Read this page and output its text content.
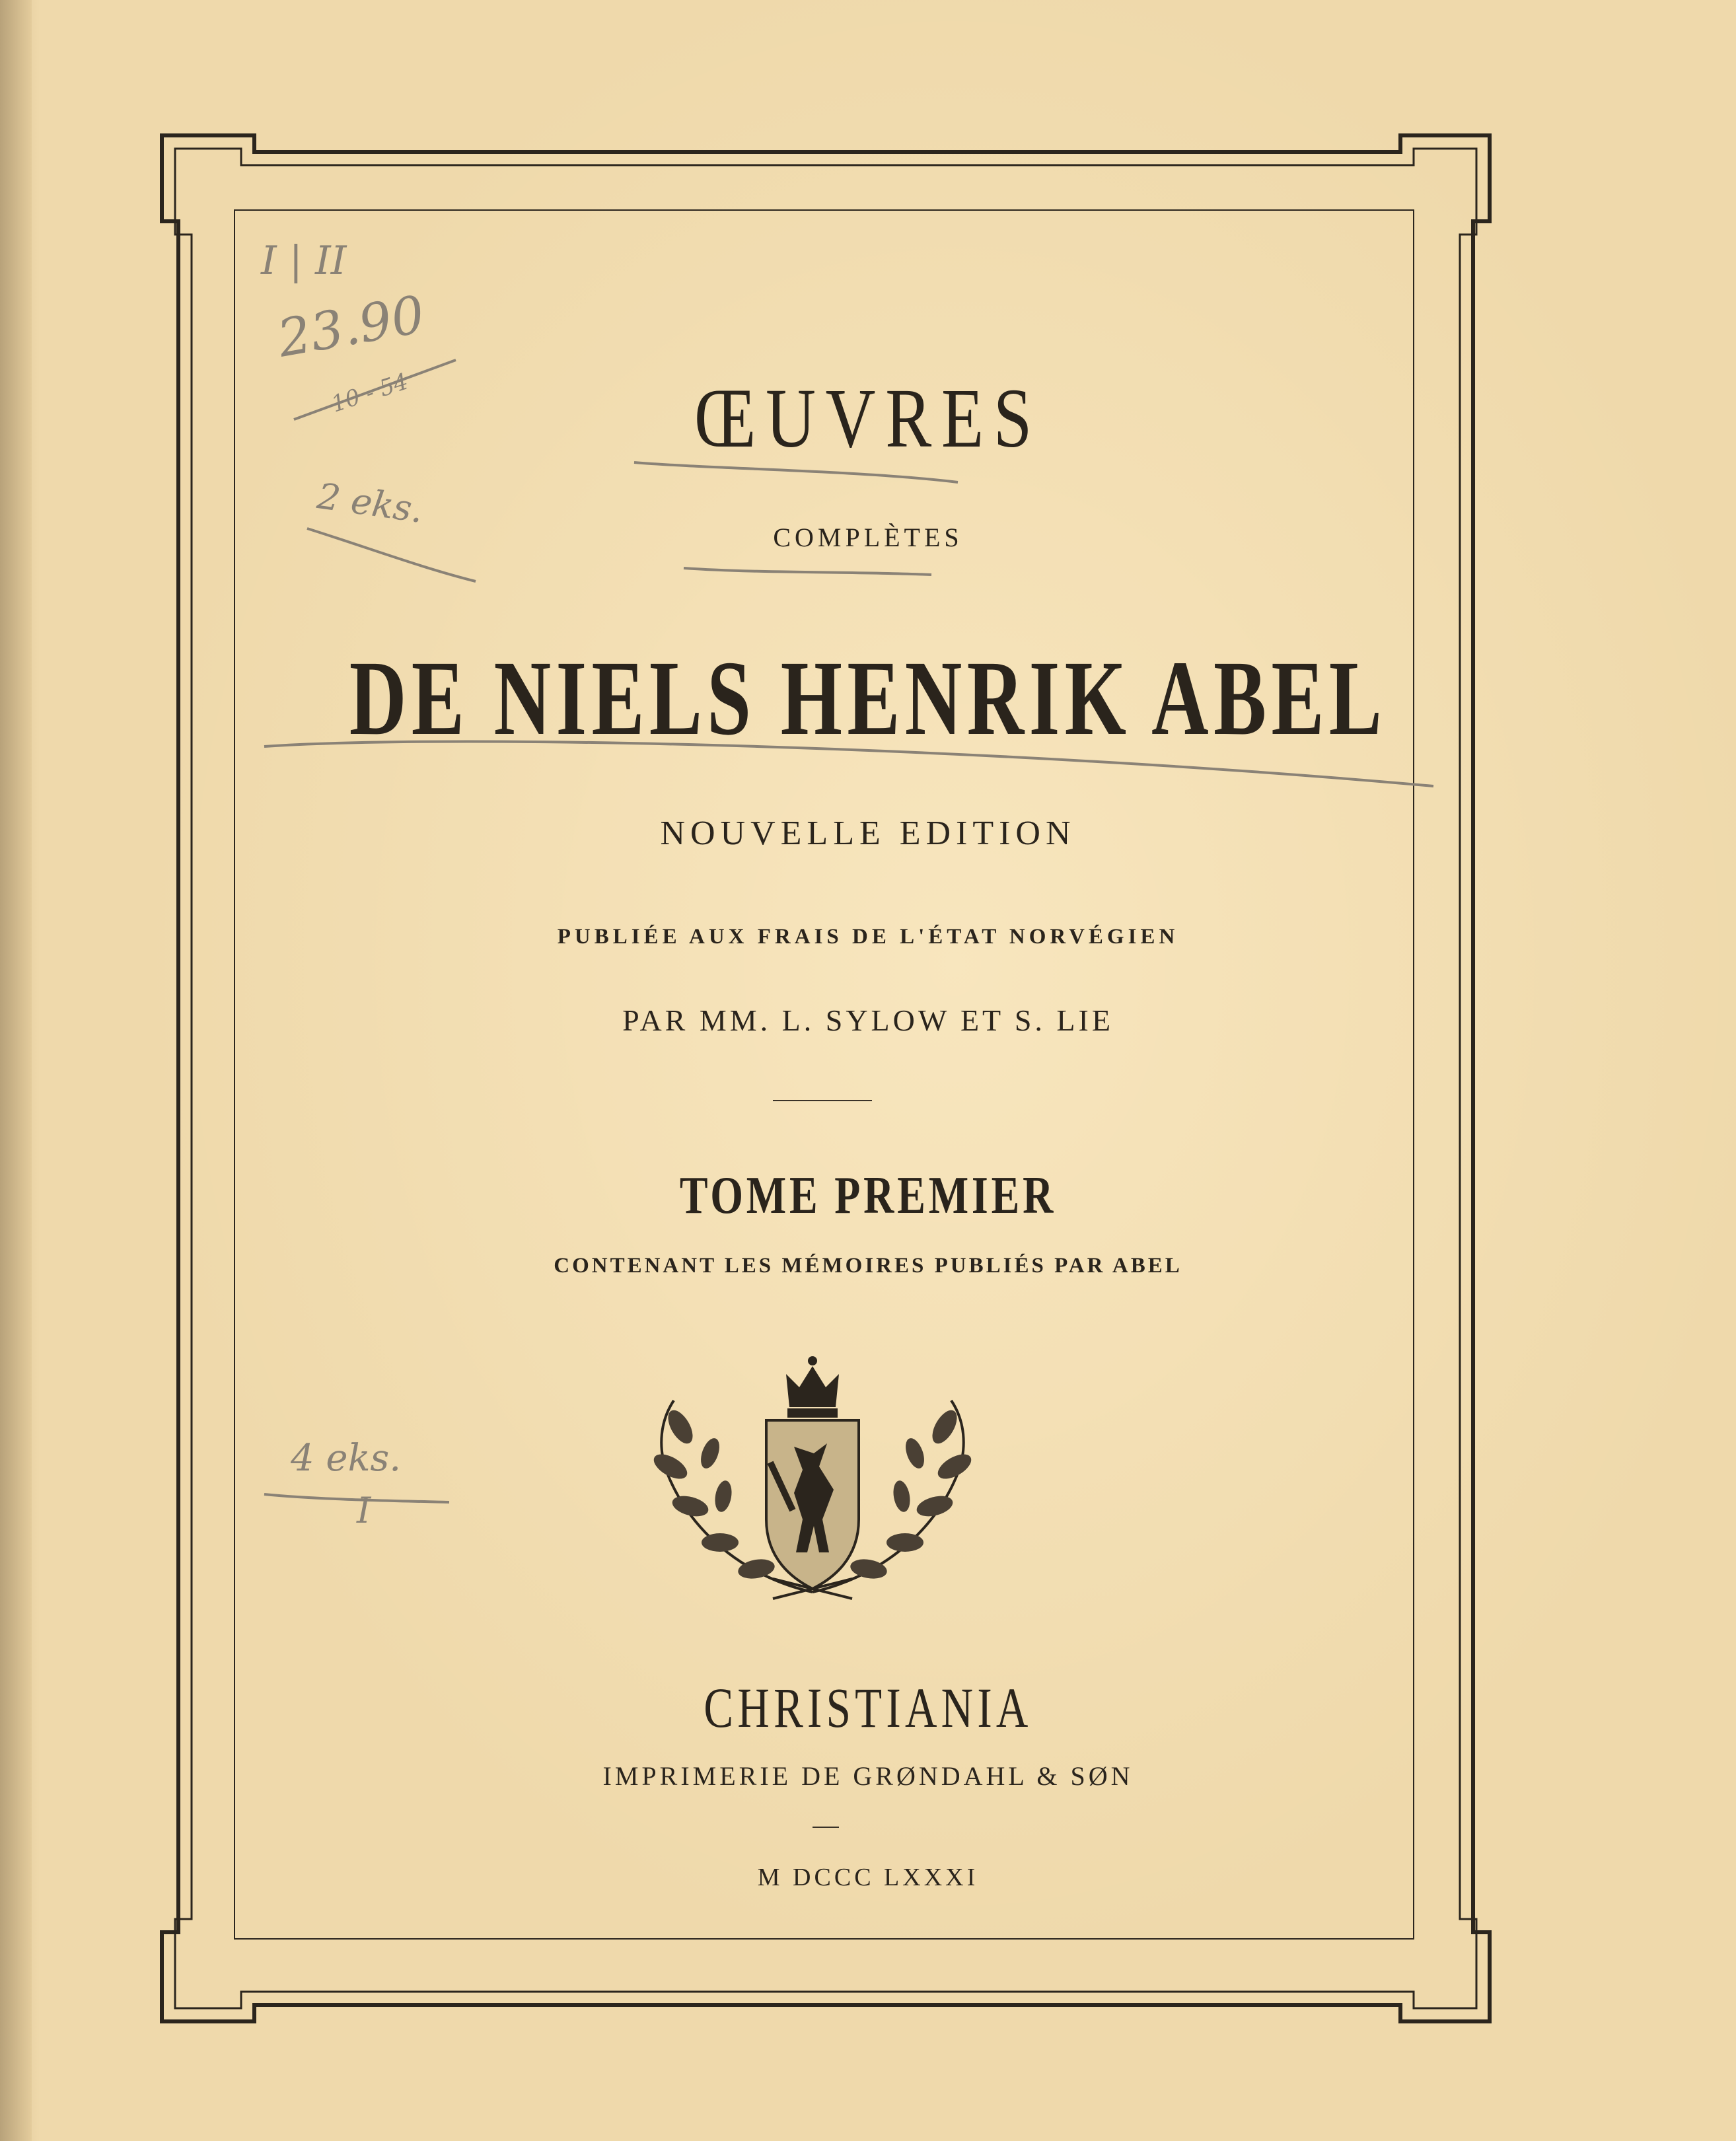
I | II
23.90
10 - 54
2 eks.
4 eks.
I
ŒUVRES
COMPLÈTES
DE NIELS HENRIK ABEL
NOUVELLE EDITION
PUBLIÉE AUX FRAIS DE L'ÉTAT NORVÉGIEN
PAR MM. L. SYLOW ET S. LIE
TOME PREMIER
CONTENANT LES MÉMOIRES PUBLIÉS PAR ABEL
CHRISTIANIA
IMPRIMERIE DE GRØNDAHL & SØN
M DCCC LXXXI
